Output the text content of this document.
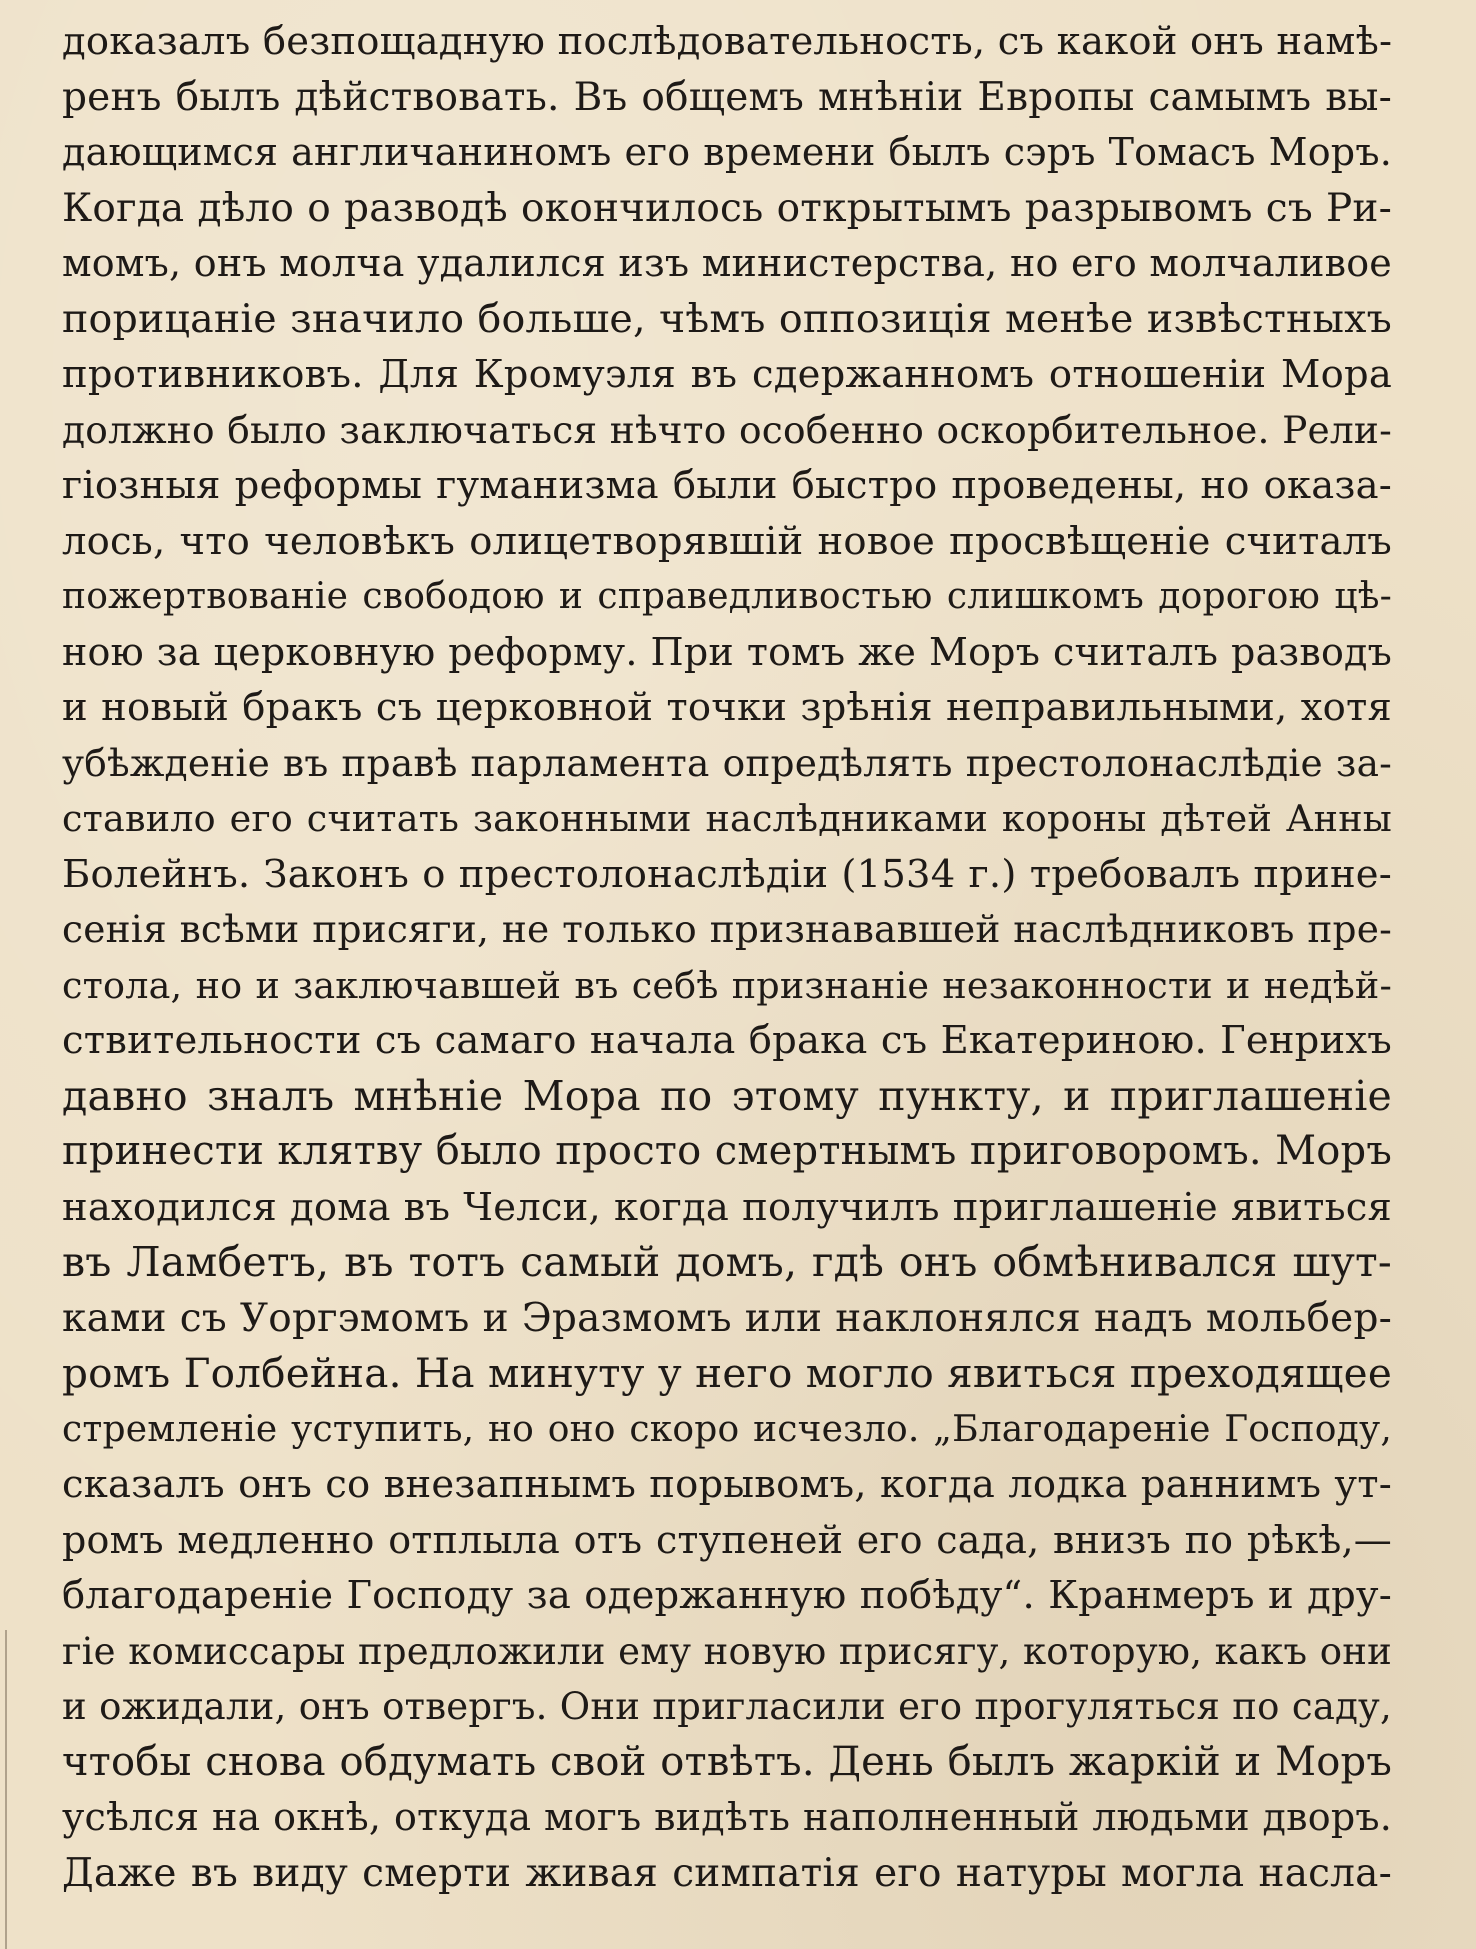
доказалъ безпощадную послѣдовательность, съ какой онъ намѣ-
ренъ былъ дѣйствовать. Въ общемъ мнѣніи Европы самымъ вы-
дающимся англичаниномъ его времени былъ сэръ Томасъ Моръ.
Когда дѣло о разводѣ окончилось открытымъ разрывомъ съ Ри-
момъ, онъ молча удалился изъ министерства, но его молчаливое
порицаніе значило больше, чѣмъ оппозиція менѣе извѣстныхъ
противниковъ. Для Кромуэля въ сдержанномъ отношеніи Мора
должно было заключаться нѣчто особенно оскорбительное. Рели-
гіозныя реформы гуманизма были быстро проведены, но оказа-
лось, что человѣкъ олицетворявшій новое просвѣщеніе считалъ
пожертвованіе свободою и справедливостью слишкомъ дорогою цѣ-
ною за церковную реформу. При томъ же Моръ считалъ разводъ
и новый бракъ съ церковной точки зрѣнія неправильными, хотя
убѣжденіе въ правѣ парламента опредѣлять престолонаслѣдіе за-
ставило его считать законными наслѣдниками короны дѣтей Анны
Болейнъ. Законъ о престолонаслѣдіи (1534 г.) требовалъ прине-
сенія всѣми присяги, не только признававшей наслѣдниковъ пре-
стола, но и заключавшей въ себѣ признаніе незаконности и недѣй-
ствительности съ самаго начала брака съ Екатериною. Генрихъ
давно зналъ мнѣніе Мора по этому пункту, и приглашеніе
принести клятву было просто смертнымъ приговоромъ. Моръ
находился дома въ Челси, когда получилъ приглашеніе явиться
въ Ламбетъ, въ тотъ самый домъ, гдѣ онъ обмѣнивался шут-
ками съ Уоргэмомъ и Эразмомъ или наклонялся надъ мольбер-
ромъ Голбейна. На минуту у него могло явиться преходящее
стремленіе уступить, но оно скоро исчезло. „Благодареніе Господу,
сказалъ онъ со внезапнымъ порывомъ, когда лодка раннимъ ут-
ромъ медленно отплыла отъ ступеней его сада, внизъ по рѣкѣ,—
благодареніе Господу за одержанную побѣду“. Кранмеръ и дру-
гіе комиссары предложили ему новую присягу, которую, какъ они
и ожидали, онъ отвергъ. Они пригласили его прогуляться по саду,
чтобы снова обдумать свой отвѣтъ. День былъ жаркій и Моръ
усѣлся на окнѣ, откуда могъ видѣть наполненный людьми дворъ.
Даже въ виду смерти живая симпатія его натуры могла насла-
